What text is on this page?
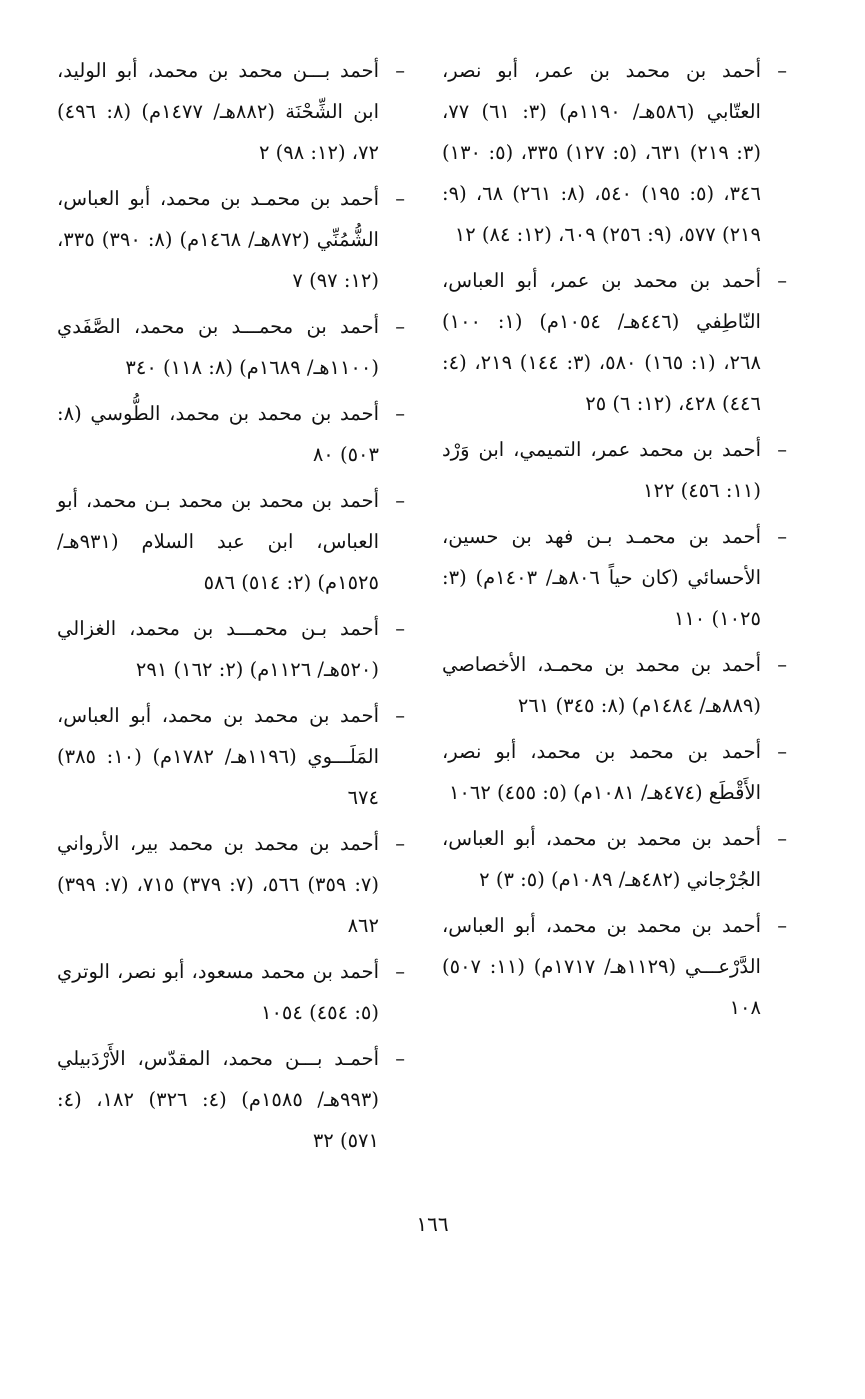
–
أحمد بن محمد بن عمر، أبو نصر، العتّابي (٥٨٦هـ/ ١١٩٠م) (٣: ٦١) ٧٧، (٣: ٢١٩) ٦٣١، (٥: ١٢٧) ٣٣٥، (٥: ١٣٠) ٣٤٦، (٥: ١٩٥) ٥٤٠، (٨: ٢٦١) ٦٨، (٩: ٢١٩) ٥٧٧، (٩: ٢٥٦) ٦٠٩، (١٢: ٨٤) ١٢
–
أحمد بن محمد بن عمر، أبو العباس، النّاطِفي (٤٤٦هـ/ ١٠٥٤م) (١: ١٠٠) ٢٦٨، (١: ١٦٥) ٥٨٠، (٣: ١٤٤) ٢١٩، (٤: ٤٤٦) ٤٢٨، (١٢: ٦) ٢٥
–
أحمد بن محمد عمر، التميمي، ابن وَرْد (١١: ٤٥٦) ١٢٢
–
أحمد بن محمـد بـن فهد بن حسين، الأحسائي (كان حياً ٨٠٦هـ/ ١٤٠٣م) (٣: ١٠٢٥) ١١٠
–
أحمد بن محمد بن محمـد، الأخصاصي (٨٨٩هـ/ ١٤٨٤م) (٨: ٣٤٥) ٢٦١
–
أحمد بن محمد بن محمد، أبو نصر، الأَقْطَع (٤٧٤هـ/ ١٠٨١م) (٥: ٤٥٥) ١٠٦٢
–
أحمد بن محمد بن محمد، أبو العباس، الجُرْجاني (٤٨٢هـ/ ١٠٨٩م) (٥: ٣) ٢
–
أحمد بن محمد بن محمد، أبو العباس، الدَّرْعـــي (١١٢٩هـ/ ١٧١٧م) (١١: ٥٠٧) ١٠٨
–
أحمد بـــن محمد بن محمد، أبو الوليد، ابن الشِّحْنَة (٨٨٢هـ/ ١٤٧٧م) (٨: ٤٩٦) ٧٢، (١٢: ٩٨) ٢
–
أحمد بن محمـد بن محمد، أبو العباس، الشُّمُنِّي (٨٧٢هـ/ ١٤٦٨م) (٨: ٣٩٠) ٣٣٥، (١٢: ٩٧) ٧
–
أحمد بن محمـــد بن محمد، الصَّفَدي (١١٠٠هـ/ ١٦٨٩م) (٨: ١١٨) ٣٤٠
–
أحمد بن محمد بن محمد، الطُّوسي (٨: ٥٠٣) ٨٠
–
أحمد بن محمد بن محمد بـن محمد، أبو العباس، ابن عبد السلام (٩٣١هـ/ ١٥٢٥م) (٢: ٥١٤) ٥٨٦
–
أحمد بـن محمـــد بن محمد، الغزالي (٥٢٠هـ/ ١١٢٦م) (٢: ١٦٢) ٢٩١
–
أحمد بن محمد بن محمد، أبو العباس، المَلَـــوي (١١٩٦هـ/ ١٧٨٢م) (١٠: ٣٨٥) ٦٧٤
–
أحمد بن محمد بن محمد بير، الأرواني (٧: ٣٥٩) ٥٦٦، (٧: ٣٧٩) ٧١٥، (٧: ٣٩٩) ٨٦٢
–
أحمد بن محمد مسعود، أبو نصر، الوتري (٥: ٤٥٤) ١٠٥٤
–
أحمـد بـــن محمد، المقدّس، الأَرْدَبيلي (٩٩٣هـ/ ١٥٨٥م) (٤: ٣٢٦) ١٨٢، (٤: ٥٧١) ٣٢
١٦٦
